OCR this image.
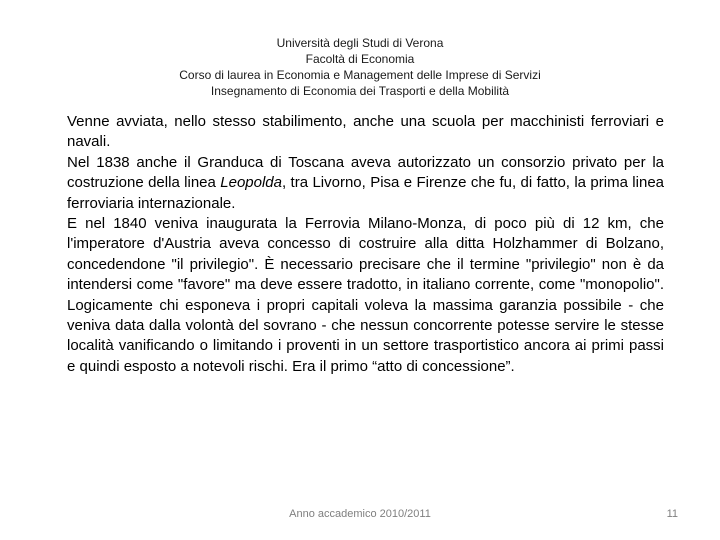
Università degli Studi di Verona
Facoltà di Economia
Corso di laurea in Economia e Management delle Imprese di Servizi
Insegnamento di Economia dei Trasporti e della Mobilità

Venne avviata, nello stesso stabilimento, anche una scuola per macchinisti ferroviari e navali.

Nel 1838 anche il Granduca di Toscana aveva autorizzato un consorzio privato per la costruzione della linea Leopolda, tra Livorno, Pisa e Firenze che fu, di fatto, la prima linea ferroviaria internazionale.

E nel 1840 veniva inaugurata la Ferrovia Milano-Monza, di poco più di 12 km, che l'imperatore d'Austria aveva concesso di costruire alla ditta Holzhammer di Bolzano, concedendone "il privilegio". È necessario precisare che il termine "privilegio" non è da intendersi come "favore" ma deve essere tradotto, in italiano corrente, come "monopolio". Logicamente chi esponeva i propri capitali voleva la massima garanzia possibile - che veniva data dalla volontà del sovrano - che nessun concorrente potesse servire le stesse località vanificando o limitando i proventi in un settore trasportistico ancora ai primi passi e quindi esposto a notevoli rischi. Era il primo “atto di concessione”.

Anno accademico 2010/2011	11
